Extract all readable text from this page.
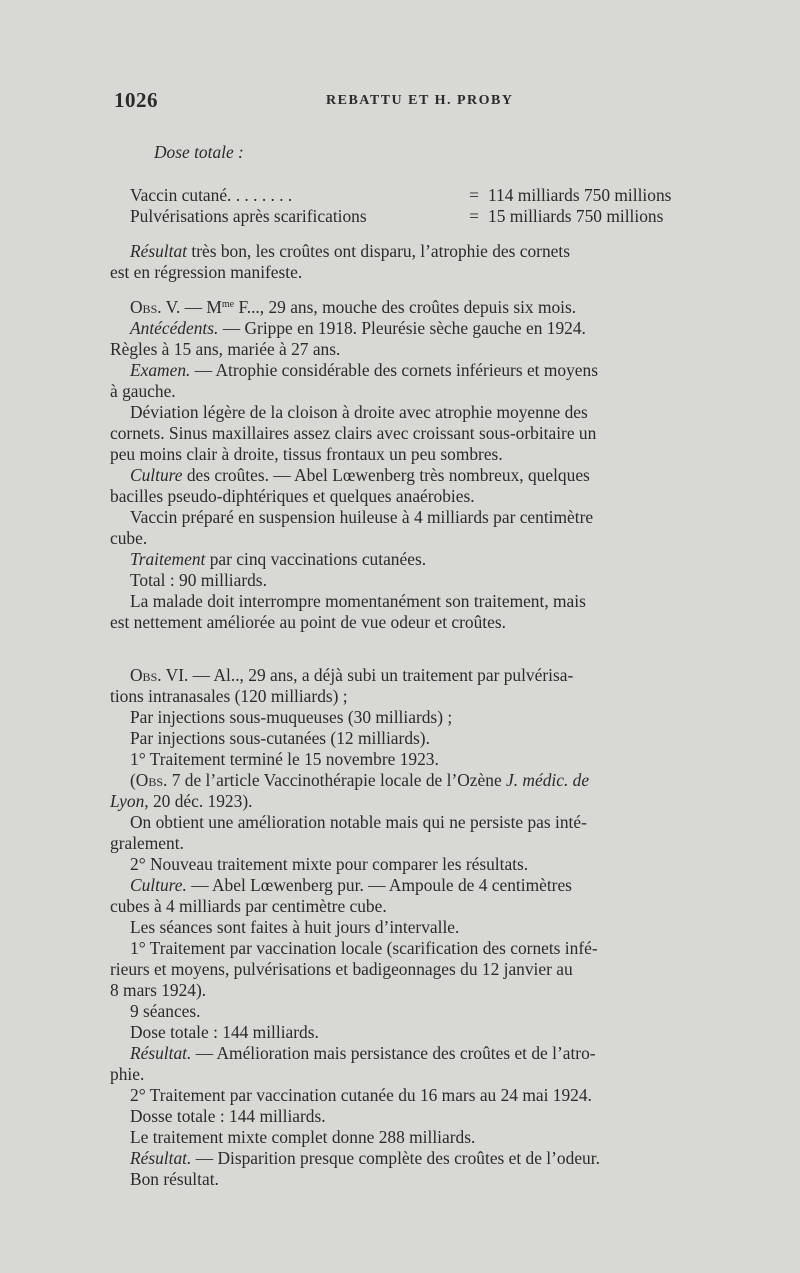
1026	REBATTU ET H. PROBY
Dose totale :
Vaccin cutané. . . . . . . .	= 114 milliards 750 millions
Pulvérisations après scarifications	= 15 milliards 750 millions
Résultat très bon, les croûtes ont disparu, l’atrophie des cornets
est en régression manifeste.
Obs. V. — $M^{me}$ F..., 29 ans, mouche des croûtes depuis six mois.
Antécédents. — Grippe en 1918. Pleurésie sèche gauche en 1924.
Règles à 15 ans, mariée à 27 ans.
Examen. — Atrophie considérable des cornets inférieurs et moyens
à gauche.
Déviation légère de la cloison à droite avec atrophie moyenne des
cornets. Sinus maxillaires assez clairs avec croissant sous-orbitaire un
peu moins clair à droite, tissus frontaux un peu sombres.
Culture des croûtes. — Abel Lœwenberg très nombreux, quelques
bacilles pseudo-diphtériques et quelques anaérobies.
Vaccin préparé en suspension huileuse à 4 milliards par centimètre
cube.
Traitement par cinq vaccinations cutanées.
Total : 90 milliards.
La malade doit interrompre momentanément son traitement, mais
est nettement améliorée au point de vue odeur et croûtes.
Obs. VI. — Al.., 29 ans, a déjà subi un traitement par pulvérisa-
tions intranasales (120 milliards) ;
Par injections sous-muqueuses (30 milliards) ;
Par injections sous-cutanées (12 milliards).
1° Traitement terminé le 15 novembre 1923.
(Obs. 7 de l’article Vaccinothérapie locale de l’Ozène J. médic. de
Lyon, 20 déc. 1923).
On obtient une amélioration notable mais qui ne persiste pas inté-
gralement.
2° Nouveau traitement mixte pour comparer les résultats.
Culture. — Abel Lœwenberg pur. — Ampoule de 4 centimètres
cubes à 4 milliards par centimètre cube.
Les séances sont faites à huit jours d’intervalle.
1° Traitement par vaccination locale (scarification des cornets infé-
rieurs et moyens, pulvérisations et badigeonnages du 12 janvier au
8 mars 1924).
9 séances.
Dose totale : 144 milliards.
Résultat. — Amélioration mais persistance des croûtes et de l’atro-
phie.
2° Traitement par vaccination cutanée du 16 mars au 24 mai 1924.
Dosse totale : 144 milliards.
Le traitement mixte complet donne 288 milliards.
Résultat. — Disparition presque complète des croûtes et de l’odeur.
Bon résultat.
